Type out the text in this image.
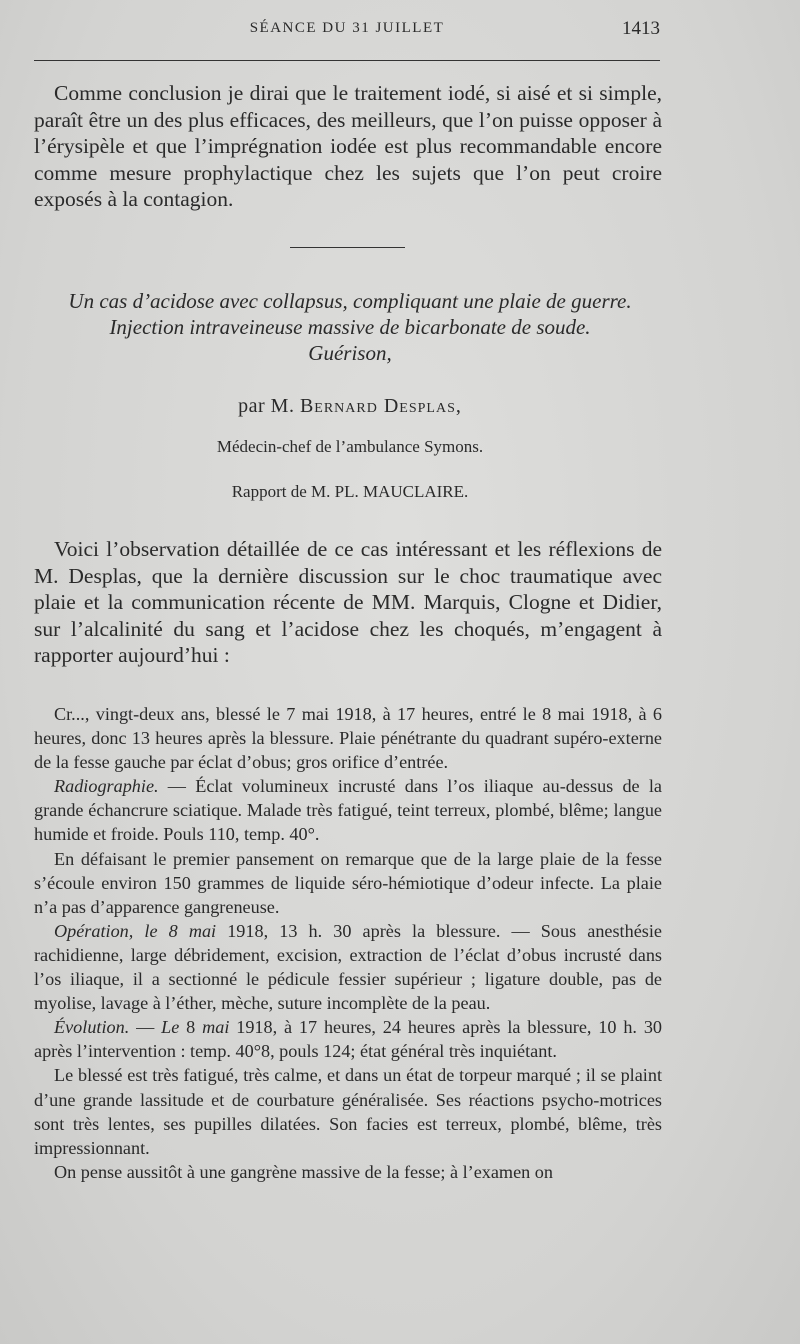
SÉANCE DU 31 JUILLET	1413

Comme conclusion je dirai que le traitement iodé, si aisé et si simple, paraît être un des plus efficaces, des meilleurs, que l’on puisse opposer à l’érysipèle et que l’imprégnation iodée est plus recommandable encore comme mesure prophylactique chez les sujets que l’on peut croire exposés à la contagion.

Un cas d’acidose avec collapsus, compliquant une plaie de guerre.
Injection intraveineuse massive de bicarbonate de soude.
Guérison,
par M. Bernard Desplas,
Médecin-chef de l’ambulance Symons.
Rapport de M. PL. MAUCLAIRE.

Voici l’observation détaillée de ce cas intéressant et les réflexions de M. Desplas, que la dernière discussion sur le choc traumatique avec plaie et la communication récente de MM. Marquis, Clogne et Didier, sur l’alcalinité du sang et l’acidose chez les choqués, m’engagent à rapporter aujourd’hui :

Cr..., vingt-deux ans, blessé le 7 mai 1918, à 17 heures, entré le 8 mai 1918, à 6 heures, donc 13 heures après la blessure. Plaie pénétrante du quadrant supéro-externe de la fesse gauche par éclat d’obus; gros orifice d’entrée.

Radiographie. — Éclat volumineux incrusté dans l’os iliaque au-dessus de la grande échancrure sciatique. Malade très fatigué, teint terreux, plombé, blême; langue humide et froide. Pouls 110, temp. 40°.

En défaisant le premier pansement on remarque que de la large plaie de la fesse s’écoule environ 150 grammes de liquide séro-hémiotique d’odeur infecte. La plaie n’a pas d’apparence gangreneuse.

Opération, le 8 mai 1918, 13 h. 30 après la blessure. — Sous anesthésie rachidienne, large débridement, excision, extraction de l’éclat d’obus incrusté dans l’os iliaque, il a sectionné le pédicule fessier supérieur ; ligature double, pas de myolise, lavage à l’éther, mèche, suture incomplète de la peau.

Évolution. — Le 8 mai 1918, à 17 heures, 24 heures après la blessure, 10 h. 30 après l’intervention : temp. 40°8, pouls 124; état général très inquiétant.

Le blessé est très fatigué, très calme, et dans un état de torpeur marqué ; il se plaint d’une grande lassitude et de courbature généralisée. Ses réactions psycho-motrices sont très lentes, ses pupilles dilatées. Son facies est terreux, plombé, blême, très impressionnant.

On pense aussitôt à une gangrène massive de la fesse; à l’examen on
